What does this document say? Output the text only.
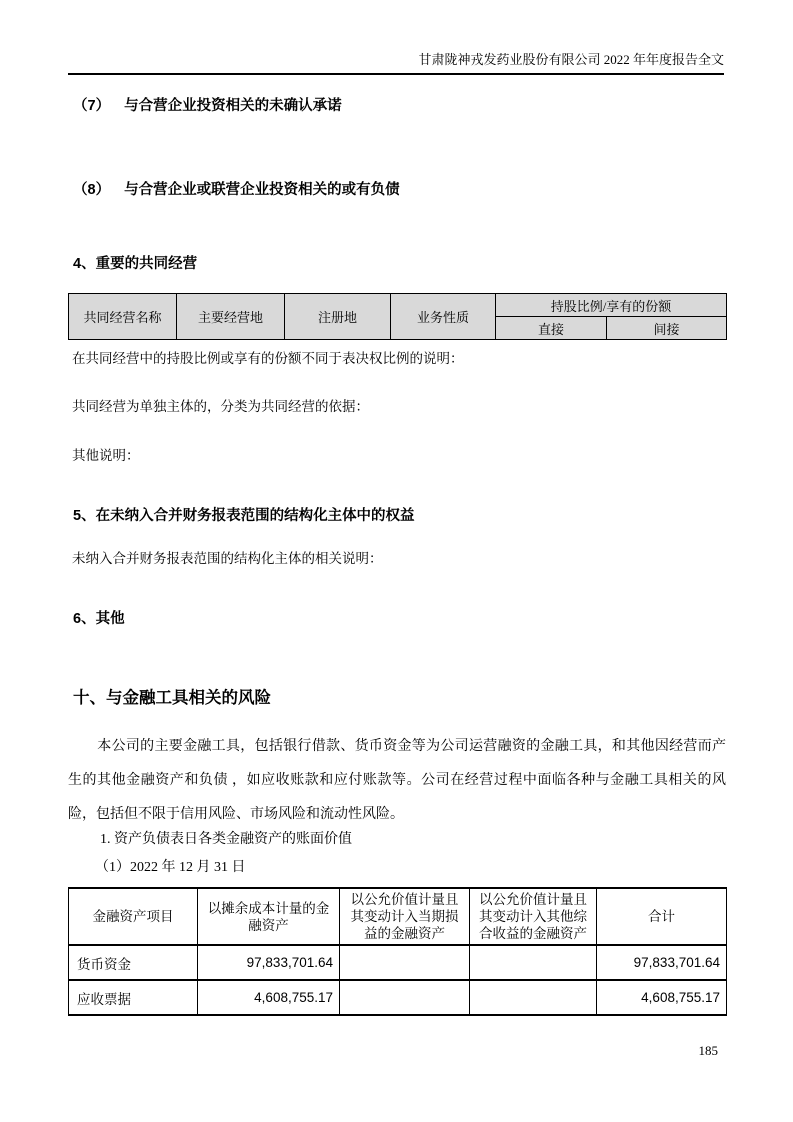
甘肃陇神戎发药业股份有限公司 2022 年年度报告全文
（7） 与合营企业投资相关的未确认承诺
（8） 与合营企业或联营企业投资相关的或有负债
4、重要的共同经营
共同经营名称	主要经营地	注册地	业务性质	持股比例/享有的份额	
				直接	间接
在共同经营中的持股比例或享有的份额不同于表决权比例的说明：
共同经营为单独主体的，分类为共同经营的依据：
其他说明：
5、在未纳入合并财务报表范围的结构化主体中的权益
未纳入合并财务报表范围的结构化主体的相关说明：
6、其他
十、与金融工具相关的风险
本公司的主要金融工具，包括银行借款、货币资金等为公司运营融资的金融工具，和其他因经营而产生的其他金融资产和负债 ，如应收账款和应付账款等。公司在经营过程中面临各种与金融工具相关的风险，包括但不限于信用风险、市场风险和流动性风险。
1. 资产负债表日各类金融资产的账面价值
（1）2022 年 12 月 31 日
金融资产项目	以摊余成本计量的金融资产	以公允价值计量且其变动计入当期损益的金融资产	以公允价值计量且其变动计入其他综合收益的金融资产	合计
货币资金	97,833,701.64			97,833,701.64
应收票据	4,608,755.17			4,608,755.17
185
